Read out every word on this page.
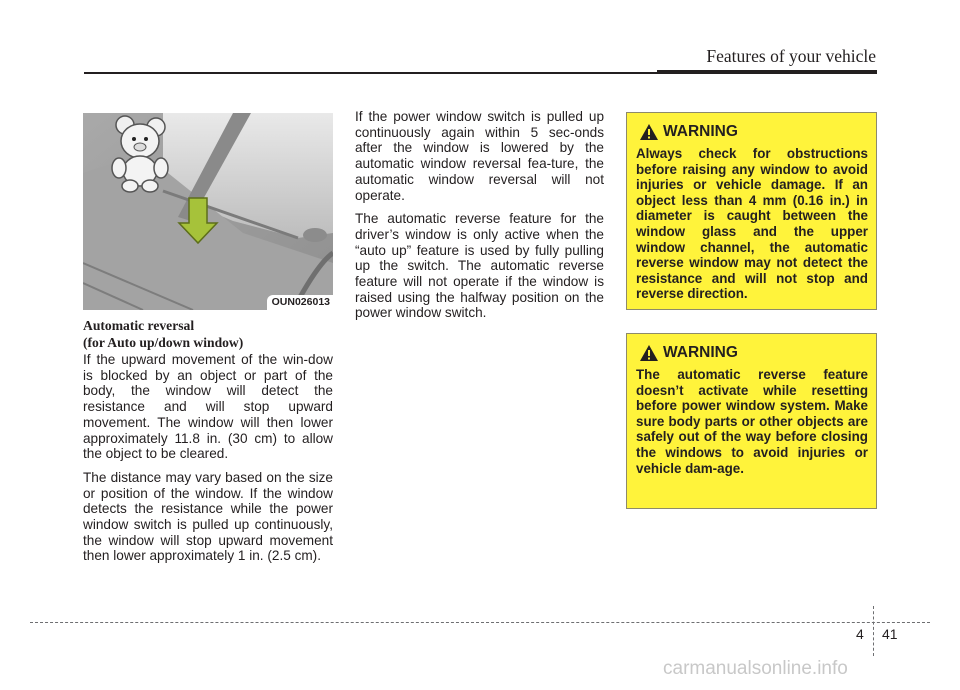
Features of your vehicle
OUN026013
Automatic reversal
(for Auto up/down window)

If the upward movement of the win-dow is blocked by an object or part of the body, the window will detect the resistance and will stop upward movement. The window will then lower approximately 11.8 in. (30 cm) to allow the object to be cleared.

The distance may vary based on the size or position of the window. If the window detects the resistance while the power window switch is pulled up continuously, the window will stop upward movement then lower approximately 1 in. (2.5 cm).

If the power window switch is pulled up continuously again within 5 sec-onds after the window is lowered by the automatic window reversal fea-ture, the automatic window reversal will not operate.

The automatic reverse feature for the driver’s window is only active when the “auto up” feature is used by fully pulling up the switch. The automatic reverse feature will not operate if the window is raised using the halfway position on the power window switch.

WARNING
Always check for obstructions before raising any window to avoid injuries or vehicle damage. If an object less than 4 mm (0.16 in.) in diameter is caught between the window glass and the upper window channel, the automatic reverse window may not detect the resistance and will not stop and reverse direction.
WARNING
The automatic reverse feature doesn’t activate while resetting before power window system. Make sure body parts or other objects are safely out of the way before closing the windows to avoid injuries or vehicle dam-age.
4 41
carmanualsonline.info
